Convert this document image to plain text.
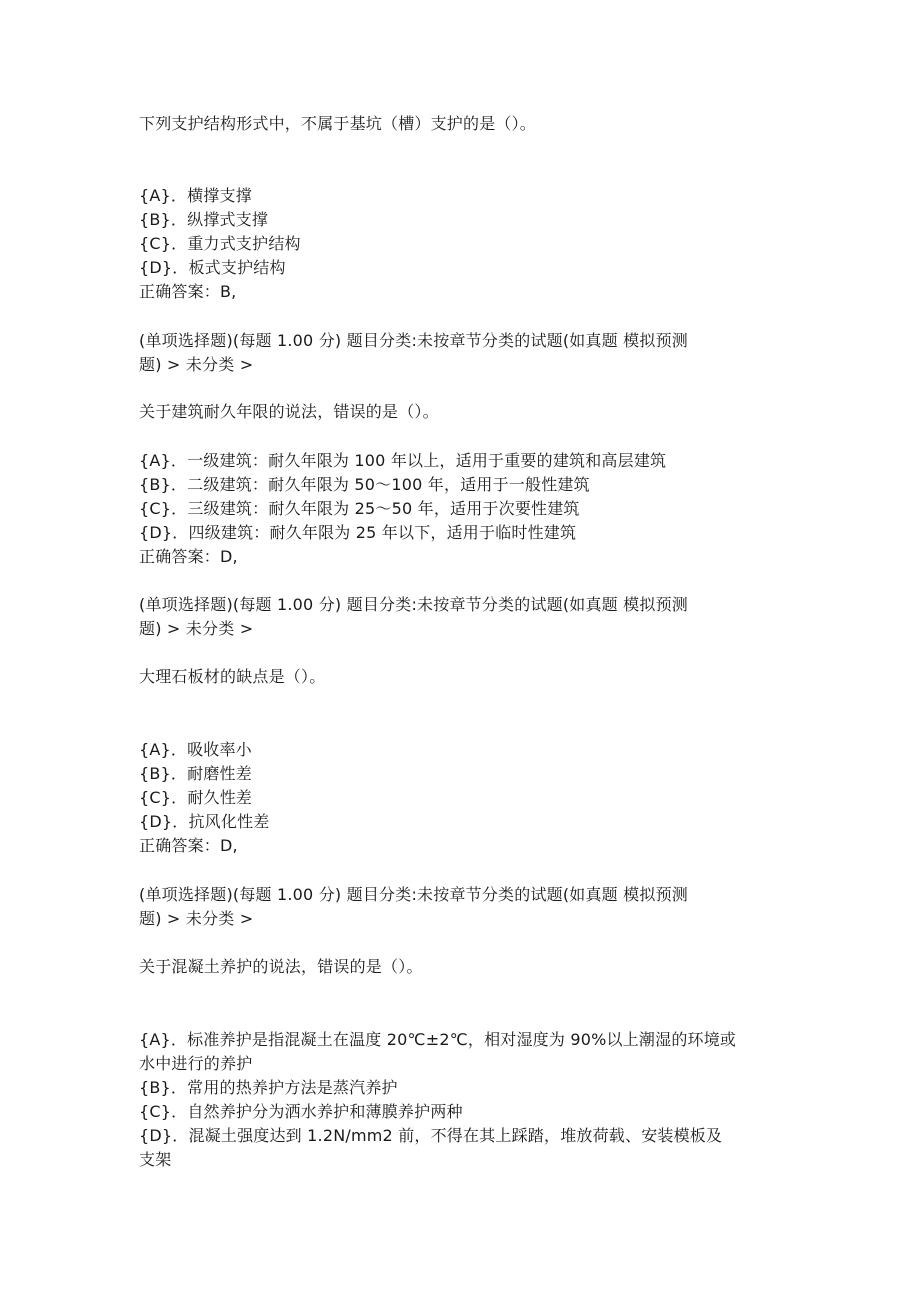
下列支护结构形式中，不属于基坑（槽）支护的是（）。
{A}．横撑支撑
{B}．纵撑式支撑
{C}．重力式支护结构
{D}．板式支护结构
正确答案：B,
(单项选择题)(每题 1.00 分) 题目分类:未按章节分类的试题(如真题 模拟预测
题) > 未分类 >
关于建筑耐久年限的说法，错误的是（）。
{A}．一级建筑：耐久年限为 100 年以上，适用于重要的建筑和高层建筑
{B}．二级建筑：耐久年限为 50～100 年，适用于一般性建筑
{C}．三级建筑：耐久年限为 25～50 年，适用于次要性建筑
{D}．四级建筑：耐久年限为 25 年以下，适用于临时性建筑
正确答案：D,
(单项选择题)(每题 1.00 分) 题目分类:未按章节分类的试题(如真题 模拟预测
题) > 未分类 >
大理石板材的缺点是（）。
{A}．吸收率小
{B}．耐磨性差
{C}．耐久性差
{D}．抗风化性差
正确答案：D,
(单项选择题)(每题 1.00 分) 题目分类:未按章节分类的试题(如真题 模拟预测
题) > 未分类 >
关于混凝土养护的说法，错误的是（）。
{A}．标准养护是指混凝土在温度 20℃±2℃，相对湿度为 90%以上潮湿的环境或
水中进行的养护
{B}．常用的热养护方法是蒸汽养护
{C}．自然养护分为洒水养护和薄膜养护两种
{D}．混凝土强度达到 1.2N/mm2 前，不得在其上踩踏，堆放荷载、安装模板及
支架
